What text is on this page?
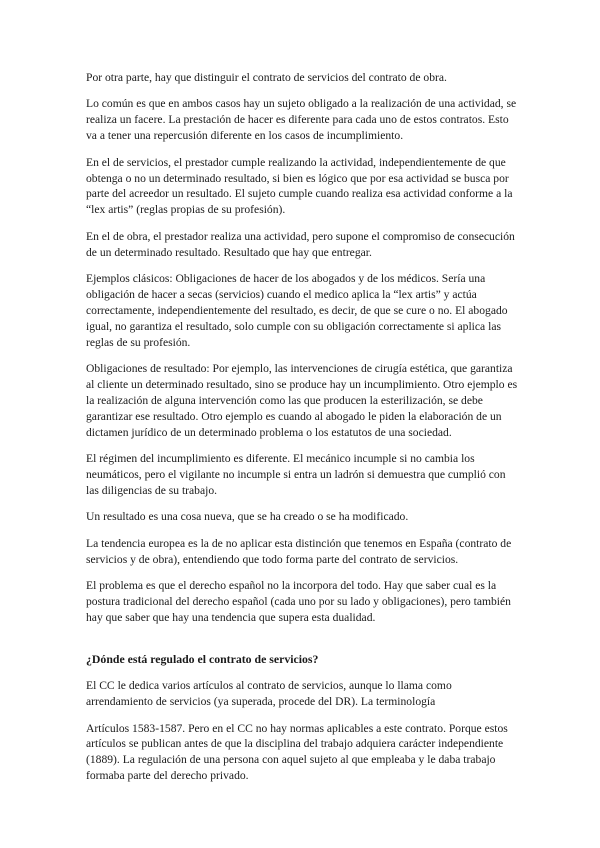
Por otra parte, hay que distinguir el contrato de servicios del contrato de obra.

Lo común es que en ambos casos hay un sujeto obligado a la realización de una actividad, se realiza un facere. La prestación de hacer es diferente para cada uno de estos contratos. Esto va a tener una repercusión diferente en los casos de incumplimiento.

En el de servicios, el prestador cumple realizando la actividad, independientemente de que obtenga o no un determinado resultado, si bien es lógico que por esa actividad se busca por parte del acreedor un resultado. El sujeto cumple cuando realiza esa actividad conforme a la “lex artis” (reglas propias de su profesión).

En el de obra, el prestador realiza una actividad, pero supone el compromiso de consecución de un determinado resultado. Resultado que hay que entregar.

Ejemplos clásicos: Obligaciones de hacer de los abogados y de los médicos. Sería una obligación de hacer a secas (servicios) cuando el medico aplica la “lex artis” y actúa correctamente, independientemente del resultado, es decir, de que se cure o no. El abogado igual, no garantiza el resultado, solo cumple con su obligación correctamente si aplica las reglas de su profesión.

Obligaciones de resultado: Por ejemplo, las intervenciones de cirugía estética, que garantiza al cliente un determinado resultado, sino se produce hay un incumplimiento. Otro ejemplo es la realización de alguna intervención como las que producen la esterilización, se debe garantizar ese resultado. Otro ejemplo es cuando al abogado le piden la elaboración de un dictamen jurídico de un determinado problema o los estatutos de una sociedad.

El régimen del incumplimiento es diferente. El mecánico incumple si no cambia los neumáticos, pero el vigilante no incumple si entra un ladrón si demuestra que cumplió con las diligencias de su trabajo.

Un resultado es una cosa nueva, que se ha creado o se ha modificado.

La tendencia europea es la de no aplicar esta distinción que tenemos en España (contrato de servicios y de obra), entendiendo que todo forma parte del contrato de servicios.

El problema es que el derecho español no la incorpora del todo. Hay que saber cual es la postura tradicional del derecho español (cada uno por su lado y obligaciones), pero también hay que saber que hay una tendencia que supera esta dualidad.

¿Dónde está regulado el contrato de servicios?

El CC le dedica varios artículos al contrato de servicios, aunque lo llama como arrendamiento de servicios (ya superada, procede del DR). La terminología

Artículos 1583-1587. Pero en el CC no hay normas aplicables a este contrato. Porque estos artículos se publican antes de que la disciplina del trabajo adquiera carácter independiente (1889). La regulación de una persona con aquel sujeto al que empleaba y le daba trabajo formaba parte del derecho privado.
